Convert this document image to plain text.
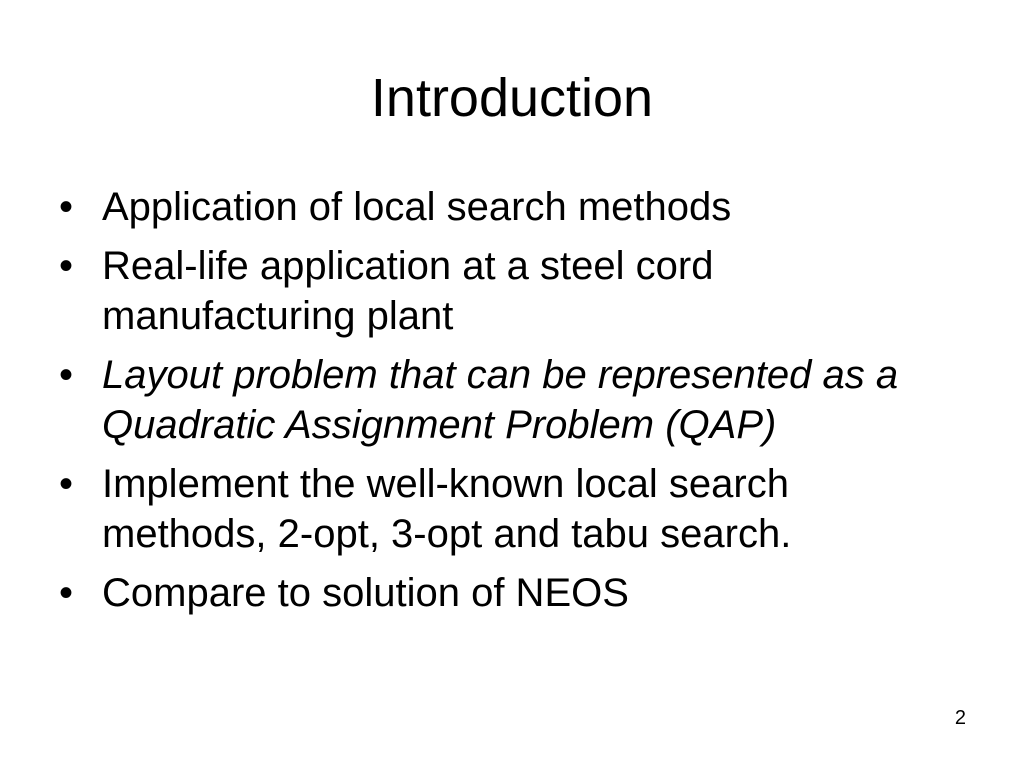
Introduction
• Application of local search methods
• Real-life application at a steel cord manufacturing plant
• Layout problem that can be represented as a Quadratic Assignment Problem (QAP)
• Implement the well-known local search methods, 2-opt, 3-opt and tabu search.
• Compare to solution of NEOS
2
